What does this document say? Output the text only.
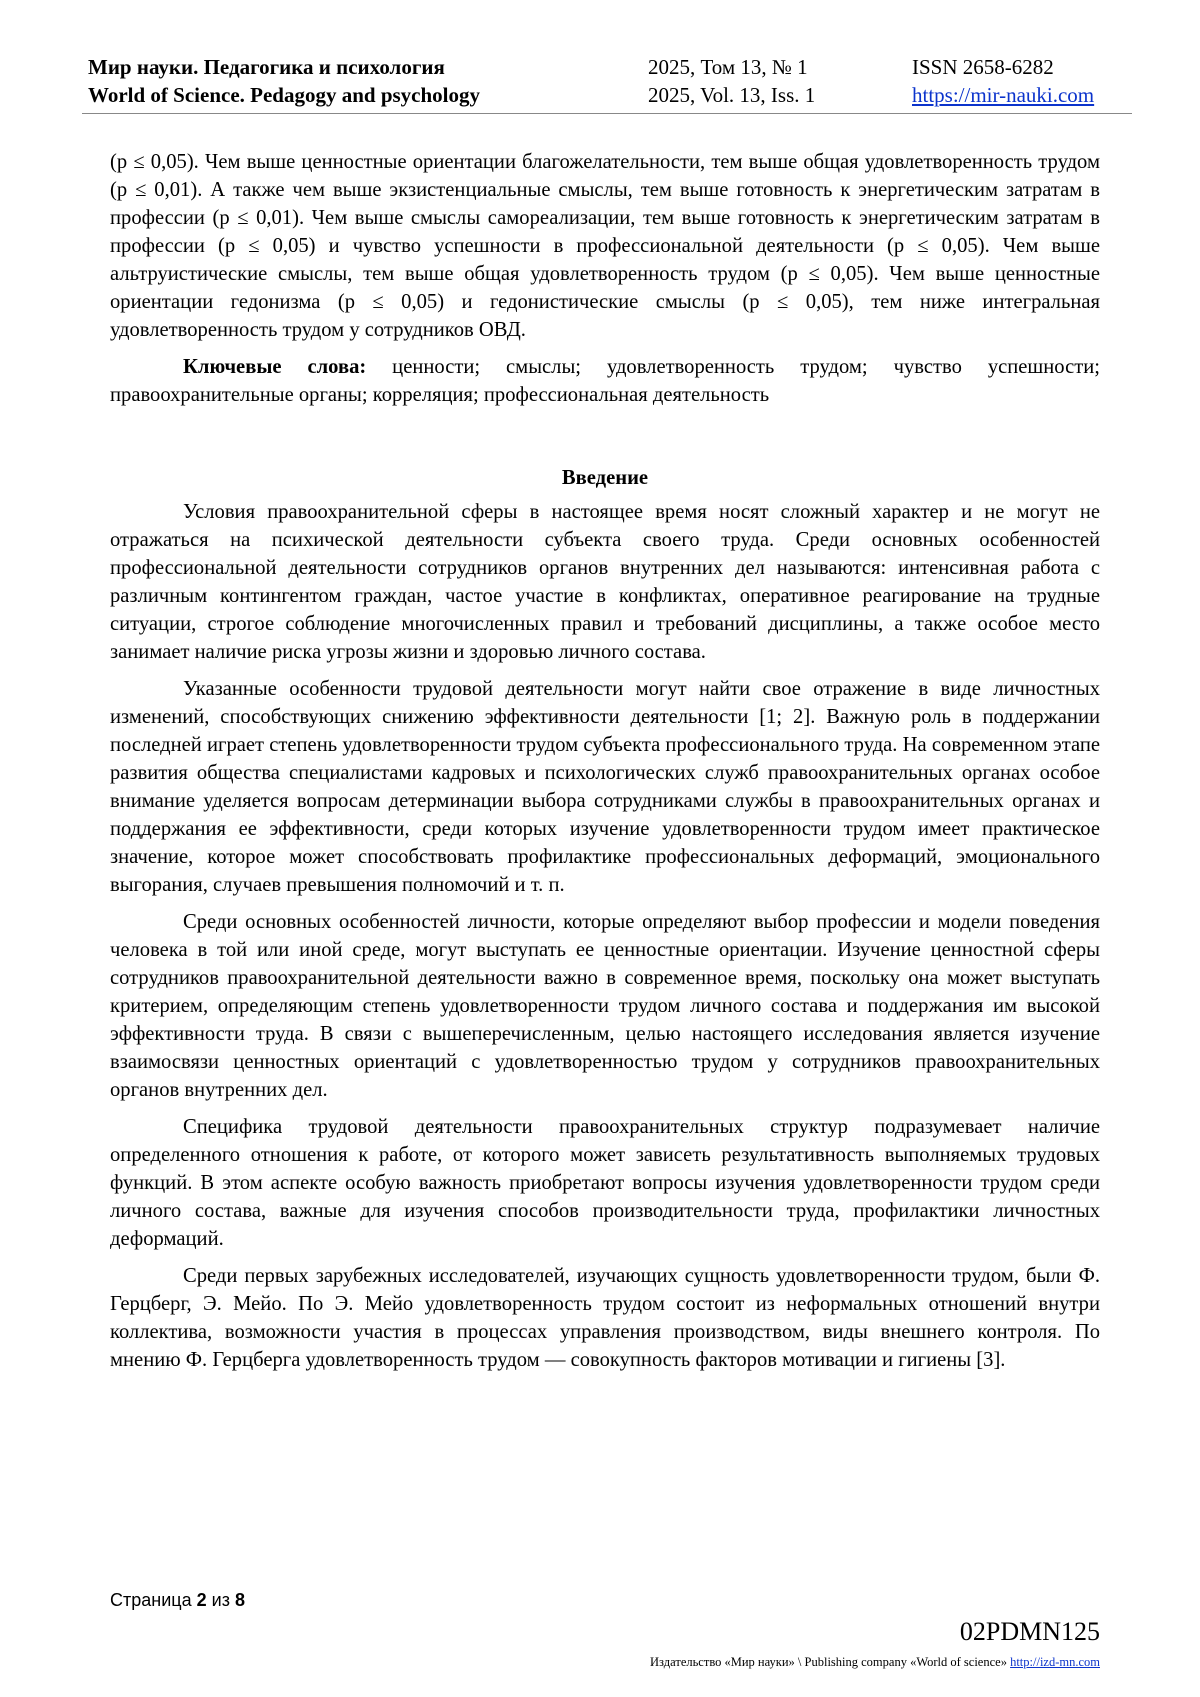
Мир науки. Педагогика и психология
World of Science. Pedagogy and psychology
2025, Том 13, № 1
2025, Vol. 13, Iss. 1
ISSN 2658-6282
https://mir-nauki.com

(р ≤ 0,05). Чем выше ценностные ориентации благожелательности, тем выше общая удовлетворенность трудом (р ≤ 0,01). А также чем выше экзистенциальные смыслы, тем выше готовность к энергетическим затратам в профессии (р ≤ 0,01). Чем выше смыслы самореализации, тем выше готовность к энергетическим затратам в профессии (р ≤ 0,05) и чувство успешности в профессиональной деятельности (р ≤ 0,05). Чем выше альтруистические смыслы, тем выше общая удовлетворенность трудом (р ≤ 0,05). Чем выше ценностные ориентации гедонизма (р ≤ 0,05) и гедонистические смыслы (р ≤ 0,05), тем ниже интегральная удовлетворенность трудом у сотрудников ОВД.

Ключевые слова: ценности; смыслы; удовлетворенность трудом; чувство успешности; правоохранительные органы; корреляция; профессиональная деятельность

Введение

Условия правоохранительной сферы в настоящее время носят сложный характер и не могут не отражаться на психической деятельности субъекта своего труда. Среди основных особенностей профессиональной деятельности сотрудников органов внутренних дел называются: интенсивная работа с различным контингентом граждан, частое участие в конфликтах, оперативное реагирование на трудные ситуации, строгое соблюдение многочисленных правил и требований дисциплины, а также особое место занимает наличие риска угрозы жизни и здоровью личного состава.

Указанные особенности трудовой деятельности могут найти свое отражение в виде личностных изменений, способствующих снижению эффективности деятельности [1; 2]. Важную роль в поддержании последней играет степень удовлетворенности трудом субъекта профессионального труда. На современном этапе развития общества специалистами кадровых и психологических служб правоохранительных органах особое внимание уделяется вопросам детерминации выбора сотрудниками службы в правоохранительных органах и поддержания ее эффективности, среди которых изучение удовлетворенности трудом имеет практическое значение, которое может способствовать профилактике профессиональных деформаций, эмоционального выгорания, случаев превышения полномочий и т. п.

Среди основных особенностей личности, которые определяют выбор профессии и модели поведения человека в той или иной среде, могут выступать ее ценностные ориентации. Изучение ценностной сферы сотрудников правоохранительной деятельности важно в современное время, поскольку она может выступать критерием, определяющим степень удовлетворенности трудом личного состава и поддержания им высокой эффективности труда. В связи с вышеперечисленным, целью настоящего исследования является изучение взаимосвязи ценностных ориентаций с удовлетворенностью трудом у сотрудников правоохранительных органов внутренних дел.

Специфика трудовой деятельности правоохранительных структур подразумевает наличие определенного отношения к работе, от которого может зависеть результативность выполняемых трудовых функций. В этом аспекте особую важность приобретают вопросы изучения удовлетворенности трудом среди личного состава, важные для изучения способов производительности труда, профилактики личностных деформаций.

Среди первых зарубежных исследователей, изучающих сущность удовлетворенности трудом, были Ф. Герцберг, Э. Мейо. По Э. Мейо удовлетворенность трудом состоит из неформальных отношений внутри коллектива, возможности участия в процессах управления производством, виды внешнего контроля. По мнению Ф. Герцберга удовлетворенность трудом — совокупность факторов мотивации и гигиены [3].

Страница 2 из 8
02PDMN125
Издательство «Мир науки» \ Publishing company «World of science» http://izd-mn.com
